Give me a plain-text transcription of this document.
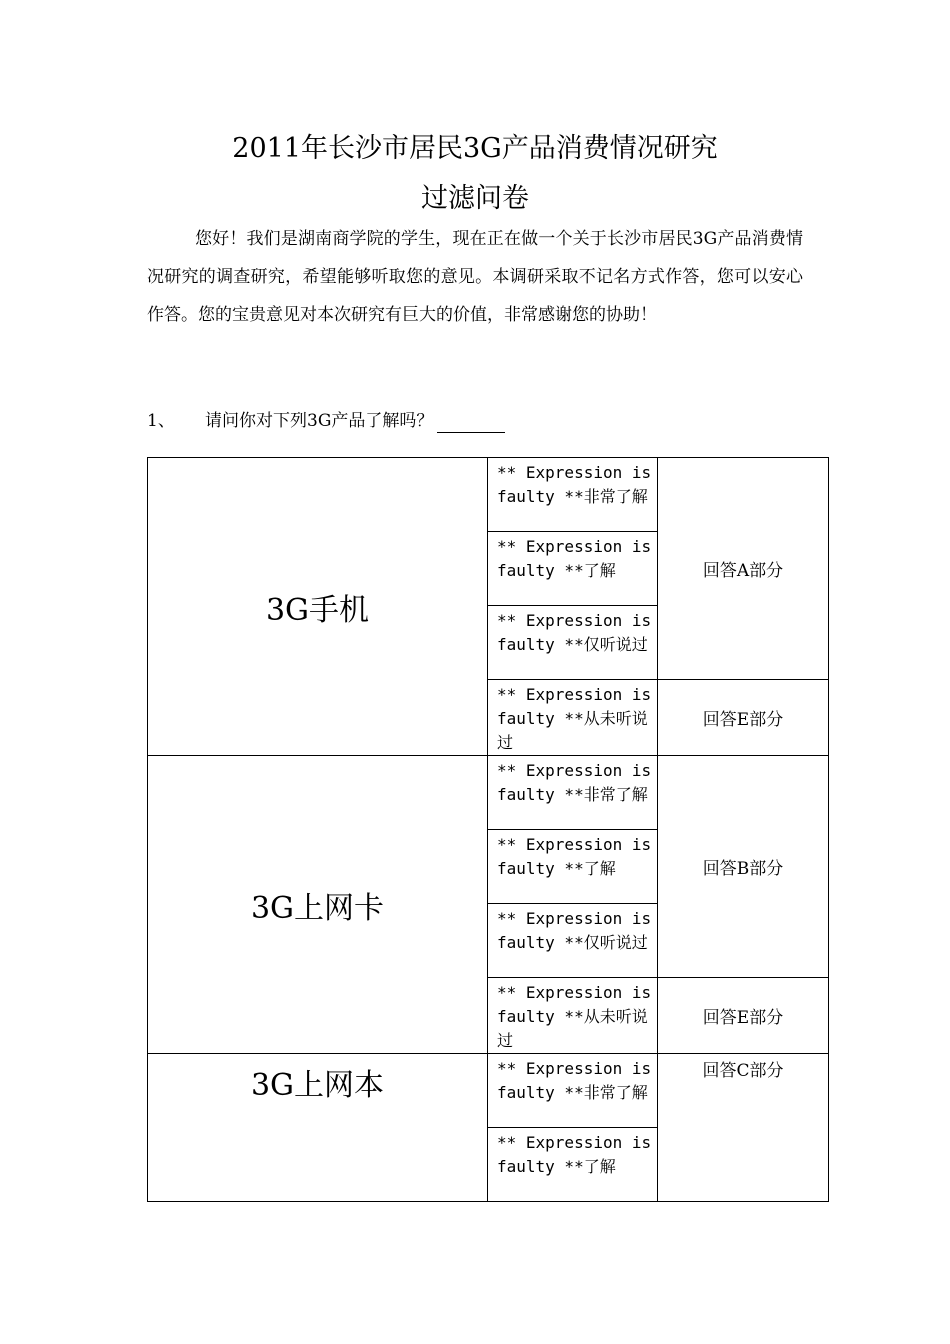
2011年长沙市居民3G产品消费情况研究
过滤问卷
您好！我们是湖南商学院的学生，现在正在做一个关于长沙市居民3G产品消费情况研究的调查研究，希望能够听取您的意见。本调研采取不记名方式作答，您可以安心作答。您的宝贵意见对本次研究有巨大的价值，非常感谢您的协助！
1、 请问你对下列3G产品了解吗？
3G手机	** Expression is faulty **非常了解	回答A部分
	** Expression is faulty **了解	
	** Expression is faulty **仅听说过	
	** Expression is faulty **从未听说过	回答E部分
3G上网卡	** Expression is faulty **非常了解	回答B部分
	** Expression is faulty **了解	
	** Expression is faulty **仅听说过	
	** Expression is faulty **从未听说过	回答E部分
3G上网本	** Expression is faulty **非常了解	回答C部分
	** Expression is faulty **了解	
